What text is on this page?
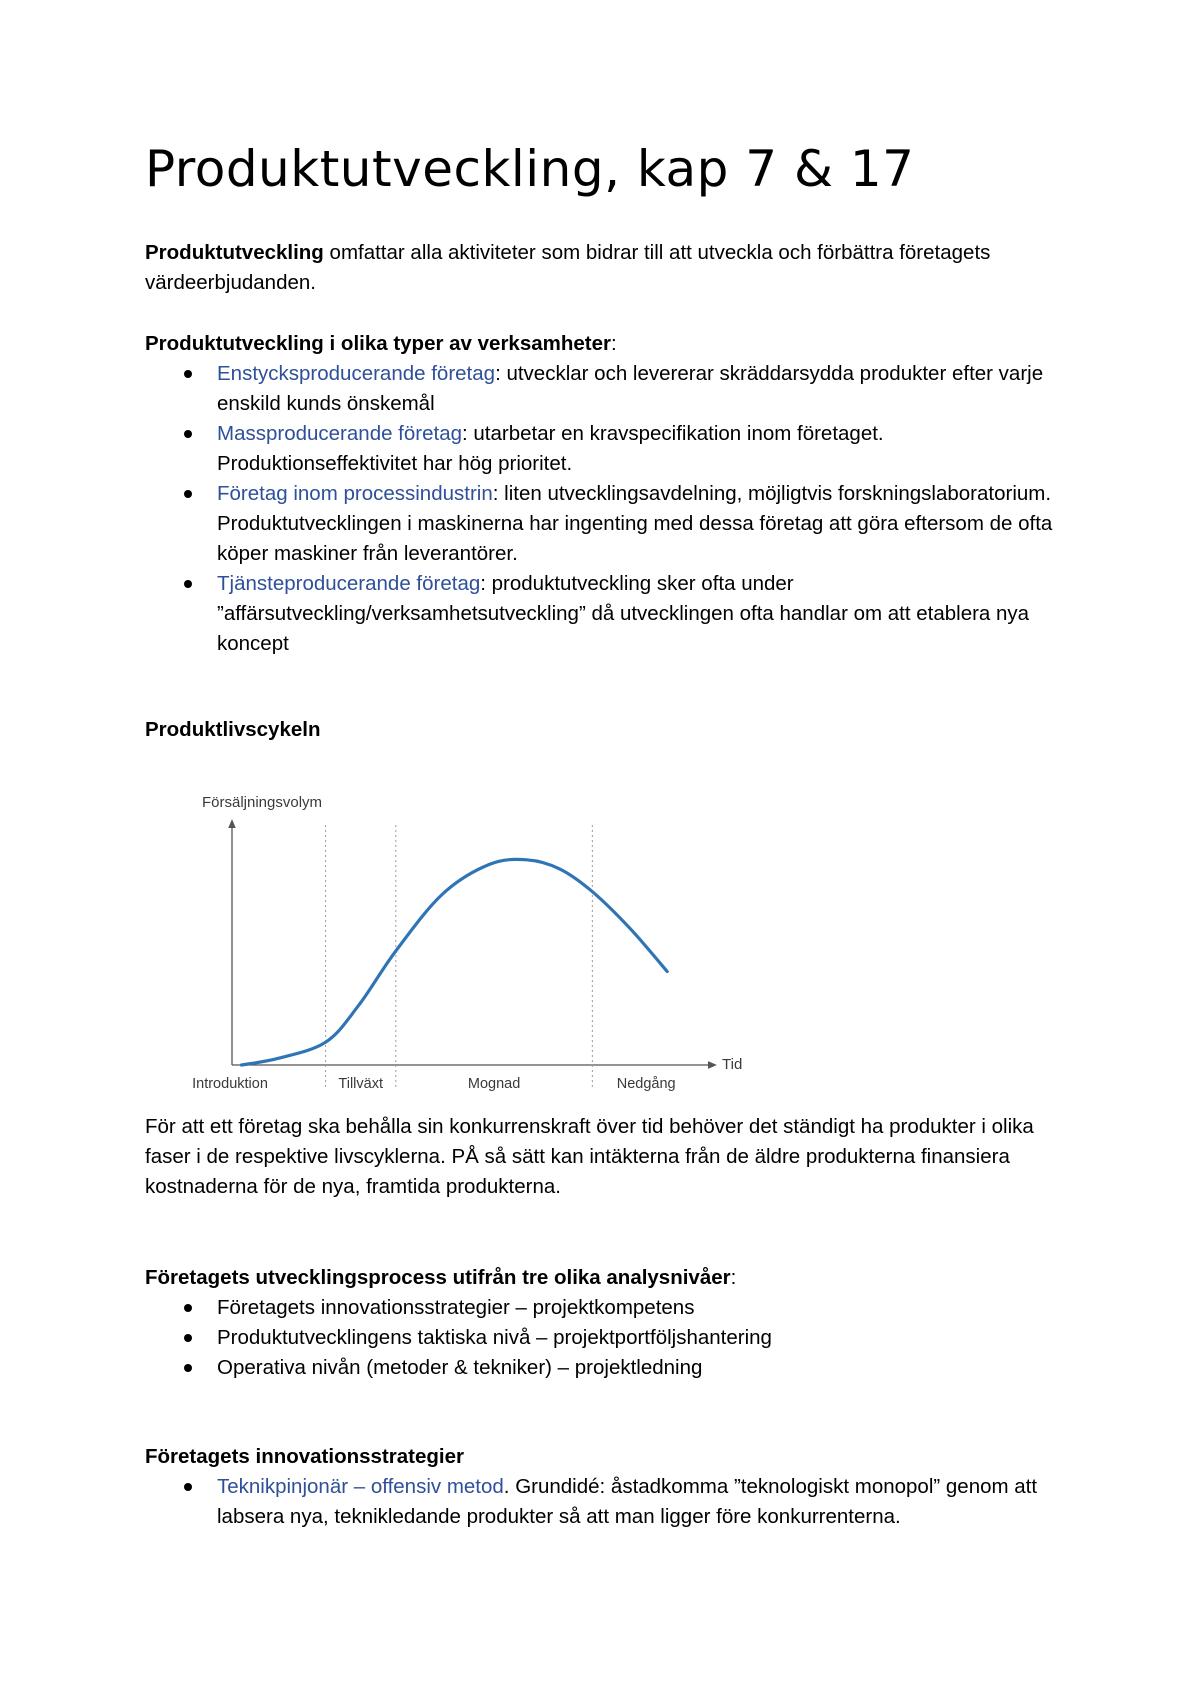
Produktutveckling, kap 7 & 17

Produktutveckling omfattar alla aktiviteter som bidrar till att utveckla och förbättra företagets värdeerbjudanden.

Produktutveckling i olika typer av verksamheter:

Enstycksproducerande företag: utvecklar och levererar skräddarsydda produkter efter varje enskild kunds önskemål
Massproducerande företag: utarbetar en kravspecifikation inom företaget. Produktionseffektivitet har hög prioritet.
Företag inom processindustrin: liten utvecklingsavdelning, möjligtvis forskningslaboratorium. Produktutvecklingen i maskinerna har ingenting med dessa företag att göra eftersom de ofta köper maskiner från leverantörer.
Tjänsteproducerande företag: produktutveckling sker ofta under ”affärsutveckling/verksamhetsutveckling” då utvecklingen ofta handlar om att etablera nya koncept

Produktlivscykeln

Försäljningsvolym
Tid
Introduktion	Tillväxt	Mognad	Nedgång

För att ett företag ska behålla sin konkurrenskraft över tid behöver det ständigt ha produkter i olika faser i de respektive livscyklerna. PÅ så sätt kan intäkterna från de äldre produkterna finansiera kostnaderna för de nya, framtida produkterna.

Företagets utvecklingsprocess utifrån tre olika analysnivåer:

Företagets innovationsstrategier – projektkompetens
Produktutvecklingens taktiska nivå – projektportföljshantering
Operativa nivån (metoder & tekniker) – projektledning

Företagets innovationsstrategier

Teknikpinjonär – offensiv metod. Grundidé: åstadkomma ”teknologiskt monopol” genom att labsera nya, teknikledande produkter så att man ligger före konkurrenterna.
